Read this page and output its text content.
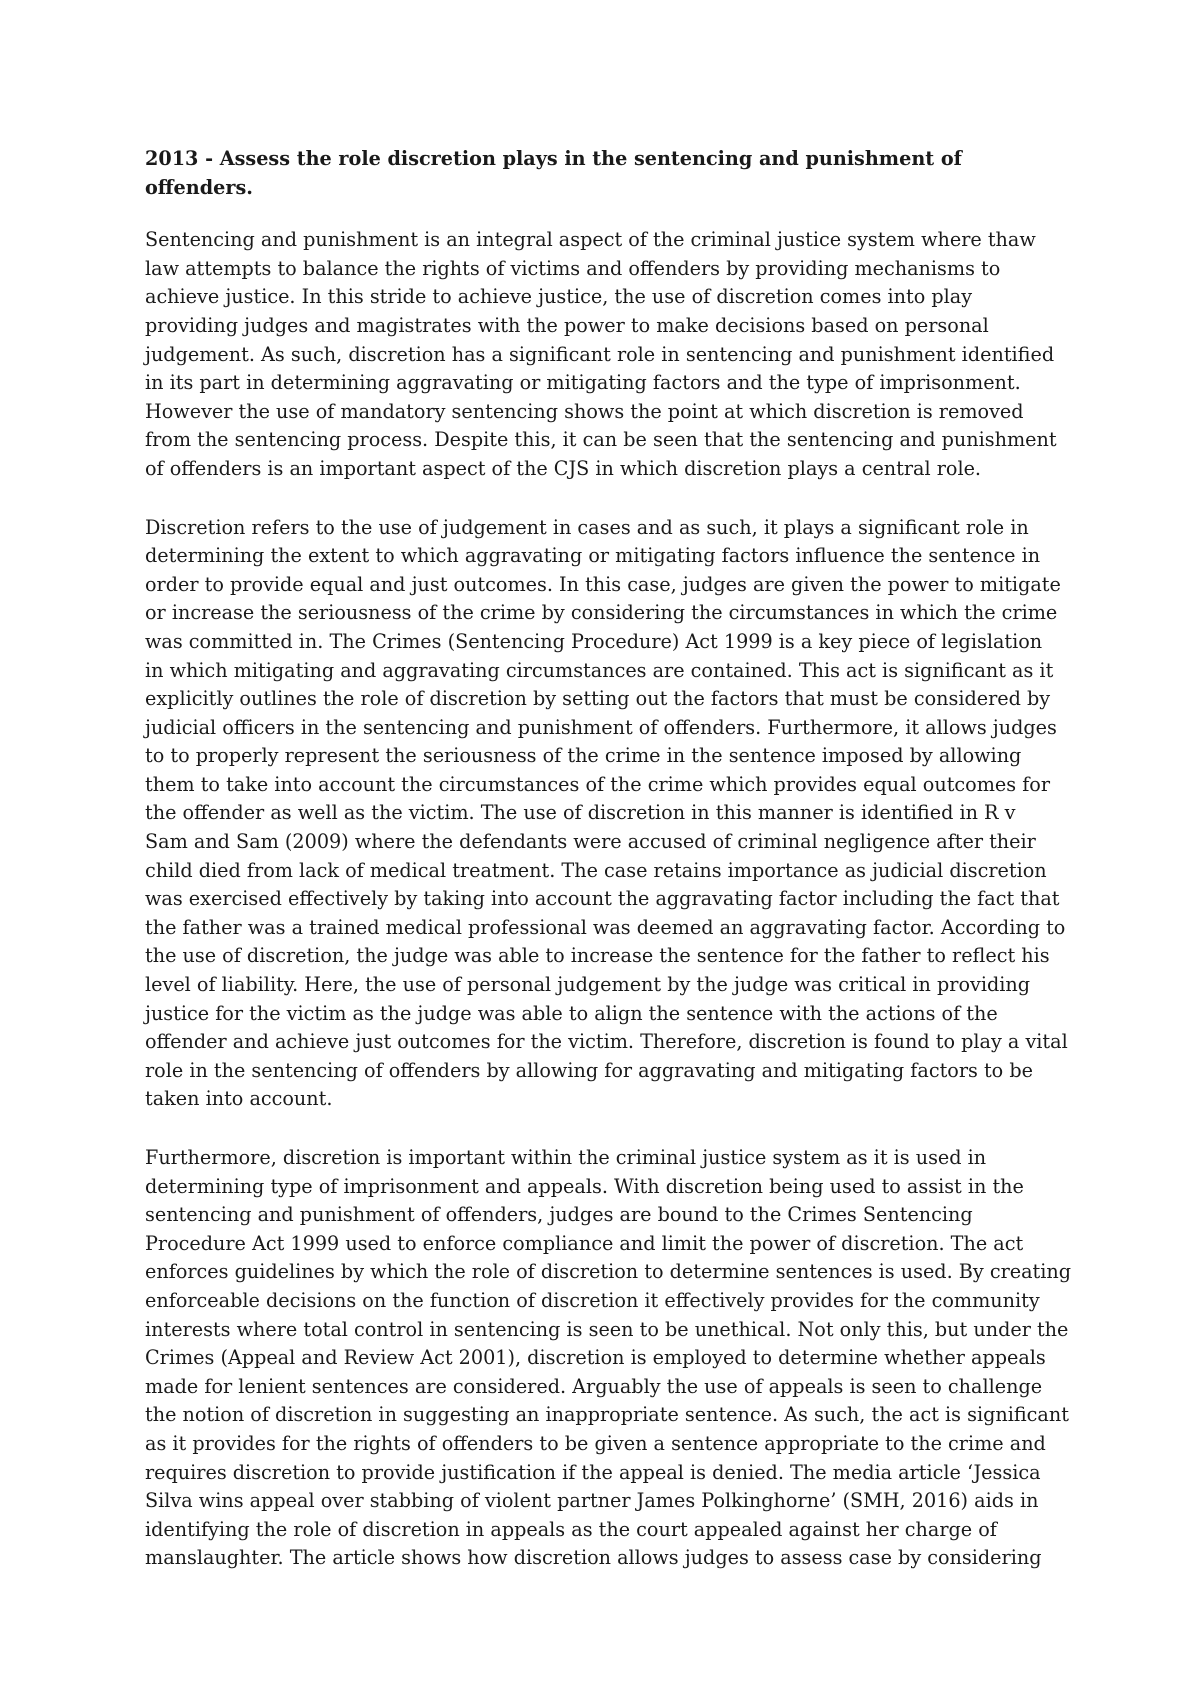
2013 - Assess the role discretion plays in the sentencing and punishment of offenders.
Sentencing and punishment is an integral aspect of the criminal justice system where thaw
law attempts to balance the rights of victims and offenders by providing mechanisms to
achieve justice. In this stride to achieve justice, the use of discretion comes into play
providing judges and magistrates with the power to make decisions based on personal
judgement. As such, discretion has a significant role in sentencing and punishment identified
in its part in determining aggravating or mitigating factors and the type of imprisonment.
However the use of mandatory sentencing shows the point at which discretion is removed
from the sentencing process. Despite this, it can be seen that the sentencing and punishment
of offenders is an important aspect of the CJS in which discretion plays a central role.
Discretion refers to the use of judgement in cases and as such, it plays a significant role in
determining the extent to which aggravating or mitigating factors influence the sentence in
order to provide equal and just outcomes. In this case, judges are given the power to mitigate
or increase the seriousness of the crime by considering the circumstances in which the crime
was committed in. The Crimes (Sentencing Procedure) Act 1999 is a key piece of legislation
in which mitigating and aggravating circumstances are contained. This act is significant as it
explicitly outlines the role of discretion by setting out the factors that must be considered by
judicial officers in the sentencing and punishment of offenders. Furthermore, it allows judges
to to properly represent the seriousness of the crime in the sentence imposed by allowing
them to take into account the circumstances of the crime which provides equal outcomes for
the offender as well as the victim. The use of discretion in this manner is identified in R v
Sam and Sam (2009) where the defendants were accused of criminal negligence after their
child died from lack of medical treatment. The case retains importance as judicial discretion
was exercised effectively by taking into account the aggravating factor including the fact that
the father was a trained medical professional was deemed an aggravating factor. According to
the use of discretion, the judge was able to increase the sentence for the father to reflect his
level of liability. Here, the use of personal judgement by the judge was critical in providing
justice for the victim as the judge was able to align the sentence with the actions of the
offender and achieve just outcomes for the victim. Therefore, discretion is found to play a vital
role in the sentencing of offenders by allowing for aggravating and mitigating factors to be
taken into account.
Furthermore, discretion is important within the criminal justice system as it is used in
determining type of imprisonment and appeals. With discretion being used to assist in the
sentencing and punishment of offenders, judges are bound to the Crimes Sentencing
Procedure Act 1999 used to enforce compliance and limit the power of discretion. The act
enforces guidelines by which the role of discretion to determine sentences is used. By creating
enforceable decisions on the function of discretion it effectively provides for the community
interests where total control in sentencing is seen to be unethical. Not only this, but under the
Crimes (Appeal and Review Act 2001), discretion is employed to determine whether appeals
made for lenient sentences are considered. Arguably the use of appeals is seen to challenge
the notion of discretion in suggesting an inappropriate sentence. As such, the act is significant
as it provides for the rights of offenders to be given a sentence appropriate to the crime and
requires discretion to provide justification if the appeal is denied. The media article ‘Jessica
Silva wins appeal over stabbing of violent partner James Polkinghorne’ (SMH, 2016) aids in
identifying the role of discretion in appeals as the court appealed against her charge of
manslaughter. The article shows how discretion allows judges to assess case by considering
